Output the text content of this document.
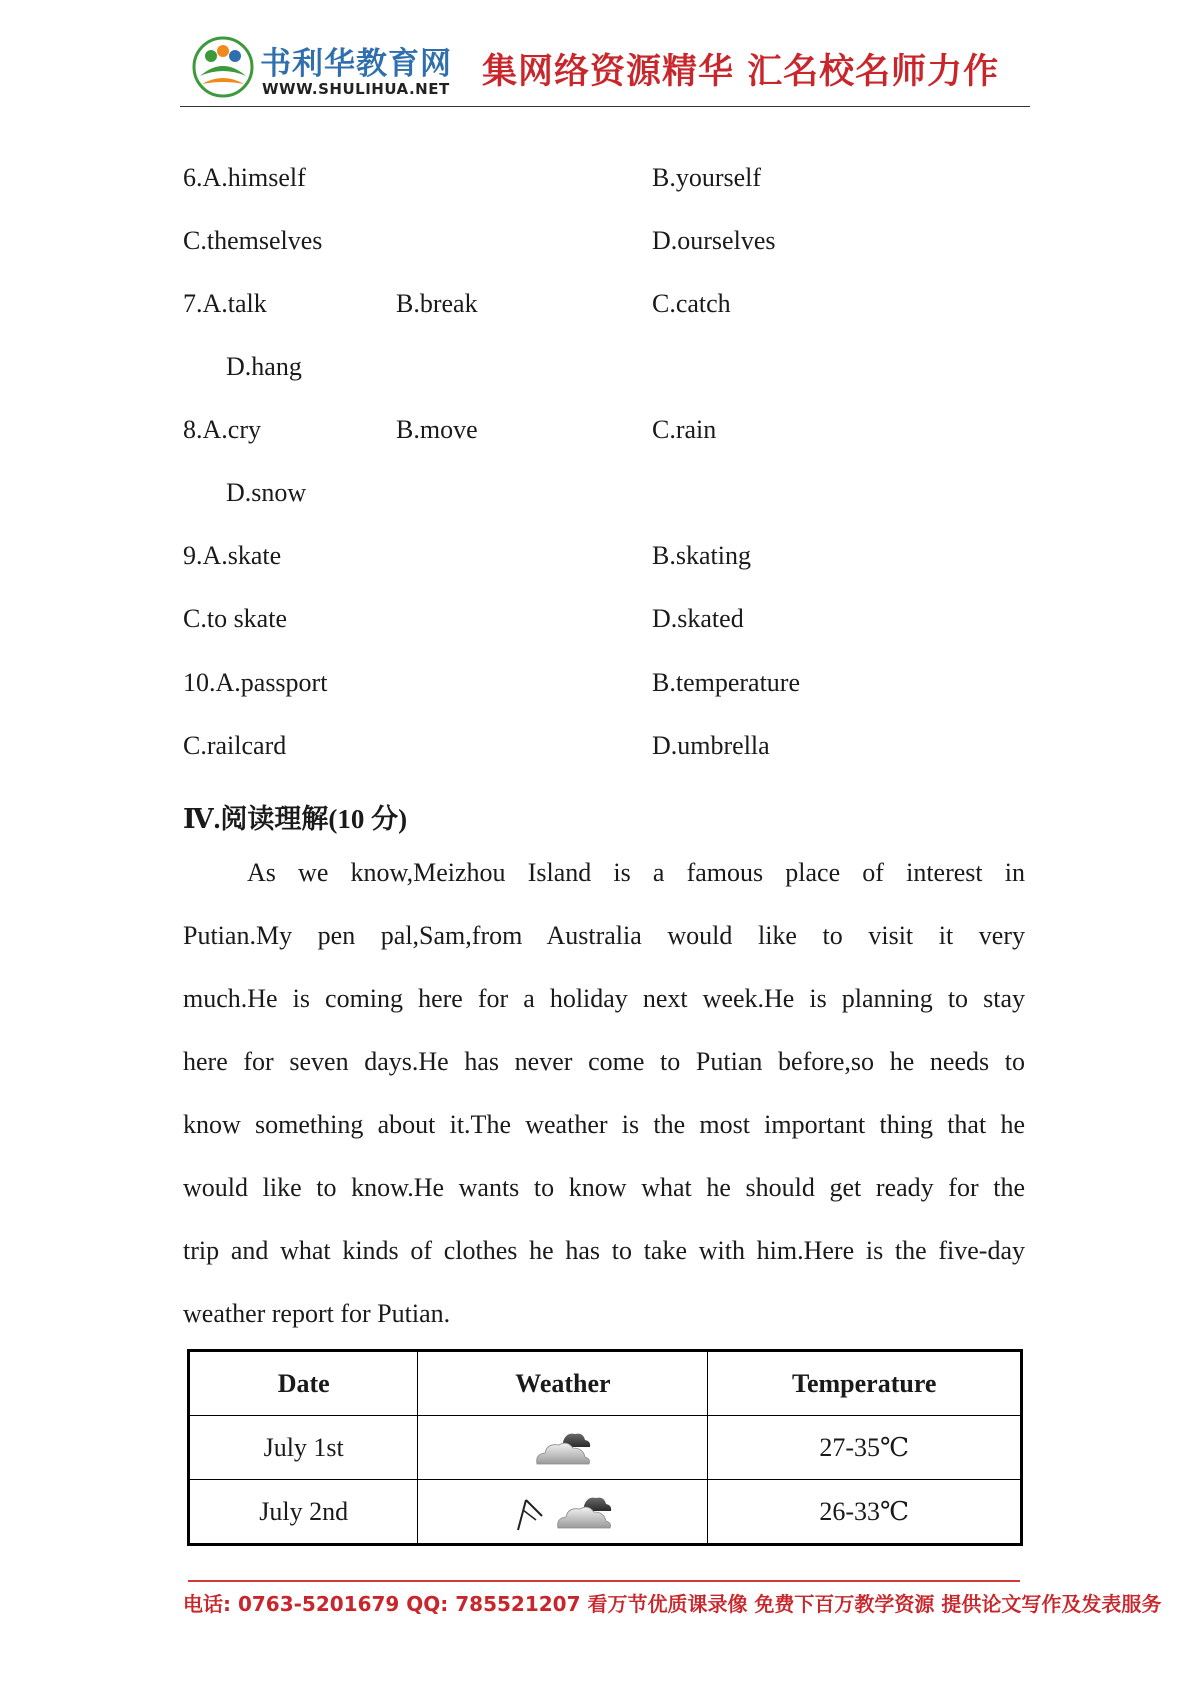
书利华教育网
WWW.SHULIHUA.NET 集网络资源精华 汇名校名师力作
6.A.himself	B.yourself
C.themselves	D.ourselves
7.A.talk	B.break	C.catch
D.hang
8.A.cry	B.move	C.rain
D.snow
9.A.skate	B.skating
C.to skate	D.skated
10.A.passport	B.temperature
C.railcard	D.umbrella
Ⅳ.阅读理解(10 分)
As we know,Meizhou Island is a famous place of interest in
Putian.My pen pal,Sam,from Australia would like to visit it very
much.He is coming here for a holiday next week.He is planning to stay
here for seven days.He has never come to Putian before,so he needs to
know something about it.The weather is the most important thing that he
would like to know.He wants to know what he should get ready for the
trip and what kinds of clothes he has to take with him.Here is the five-day
weather report for Putian.
Date	Weather	Temperature
July 1st		27-35℃
July 2nd		26-33℃
电话: 0763-5201679 QQ: 785521207 看万节优质课录像 免费下百万教学资源 提供论文写作及发表服务
